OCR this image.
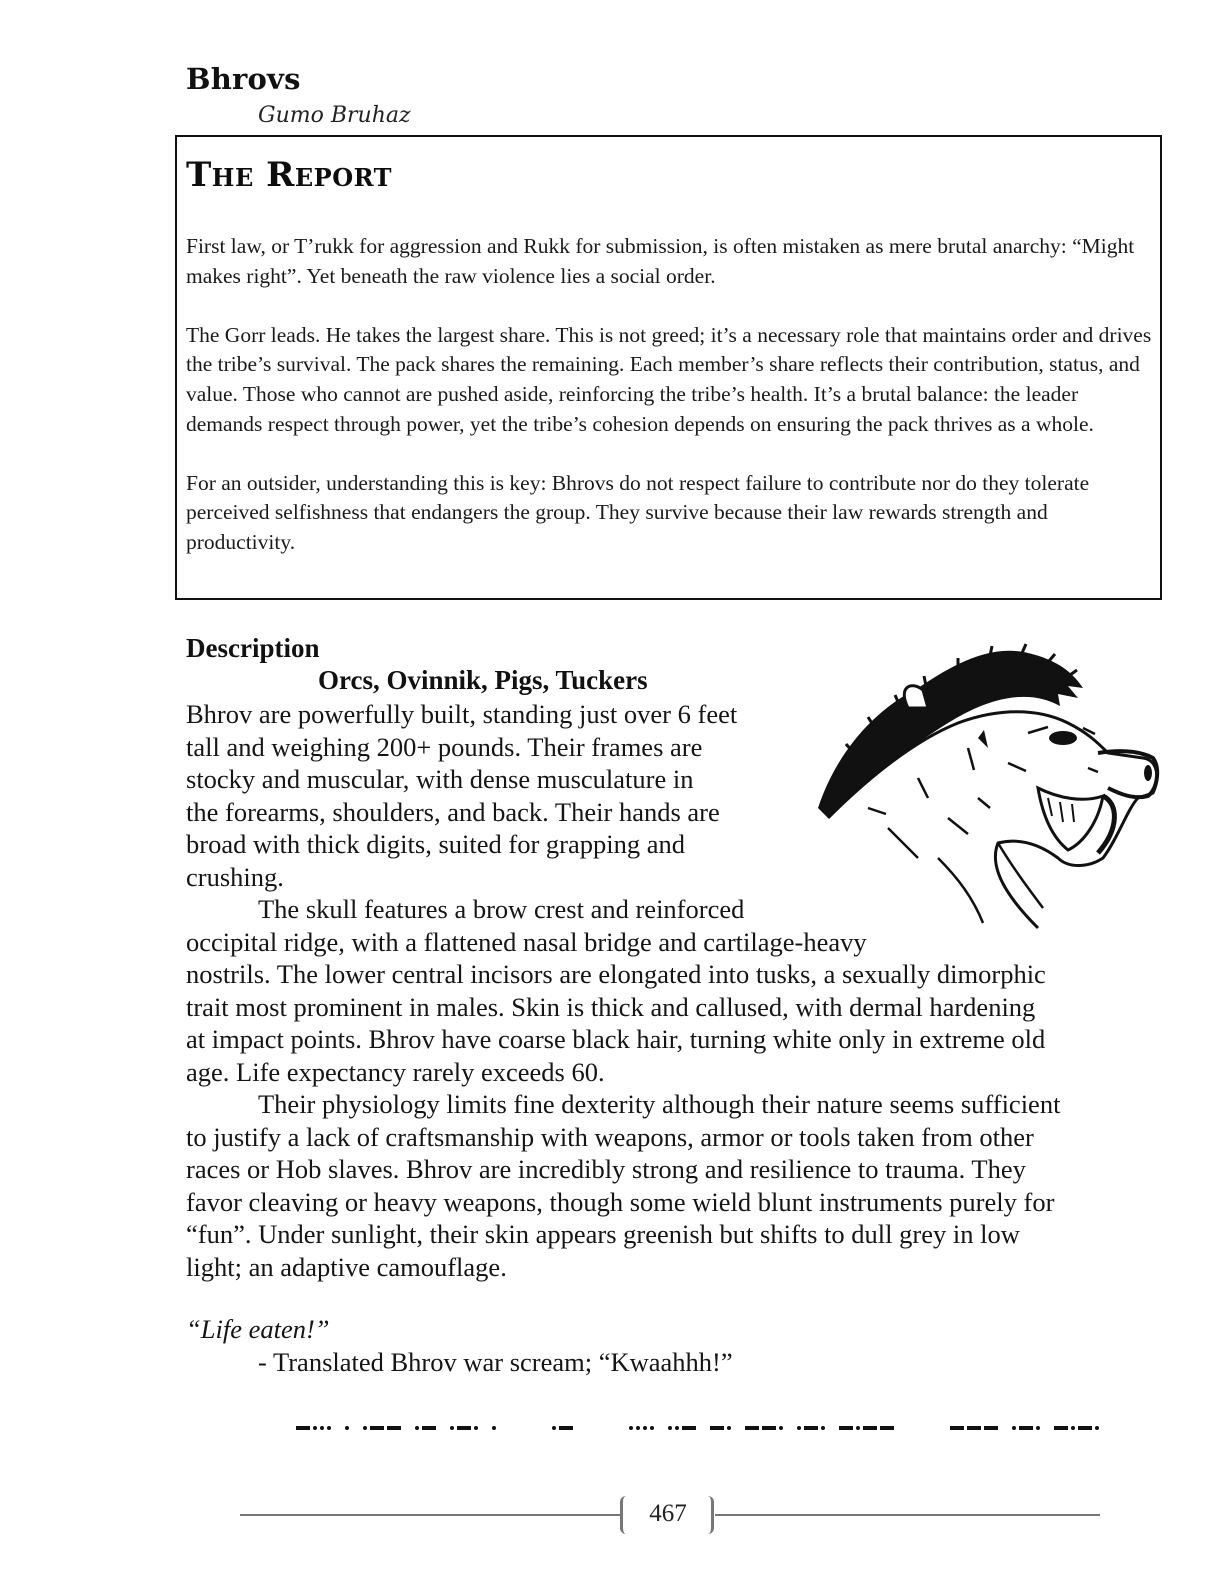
Bhrovs
Gumo Bruhaz
The Report

First law, or T’rukk for aggression and Rukk for submission, is often mistaken as mere brutal anarchy: “Might makes right”. Yet beneath the raw violence lies a social order.

The Gorr leads. He takes the largest share. This is not greed; it’s a necessary role that maintains order and drives the tribe’s survival. The pack shares the remaining. Each member’s share reflects their contribution, status, and value. Those who cannot are pushed aside, reinforcing the tribe’s health. It’s a brutal balance: the leader demands respect through power, yet the tribe’s cohesion depends on ensuring the pack thrives as a whole.

For an outsider, understanding this is key: Bhrovs do not respect failure to contribute nor do they tolerate perceived selfishness that endangers the group. They survive because their law rewards strength and productivity.

Description
Orcs, Ovinnik, Pigs, Tuckers
Bhrov are powerfully built, standing just over 6 feet
tall and weighing 200+ pounds. Their frames are
stocky and muscular, with dense musculature in
the forearms, shoulders, and back. Their hands are
broad with thick digits, suited for grapping and
crushing.
The skull features a brow crest and reinforced
occipital ridge, with a flattened nasal bridge and cartilage-heavy
nostrils. The lower central incisors are elongated into tusks, a sexually dimorphic
trait most prominent in males. Skin is thick and callused, with dermal hardening
at impact points. Bhrov have coarse black hair, turning white only in extreme old
age. Life expectancy rarely exceeds 60.
Their physiology limits fine dexterity although their nature seems sufficient
to justify a lack of craftsmanship with weapons, armor or tools taken from other
races or Hob slaves. Bhrov are incredibly strong and resilience to trauma. They
favor cleaving or heavy weapons, though some wield blunt instruments purely for
“fun”. Under sunlight, their skin appears greenish but shifts to dull grey in low
light; an adaptive camouflage.
“Life eaten!”
- Translated Bhrov war scream; “Kwaahhh!”
467
